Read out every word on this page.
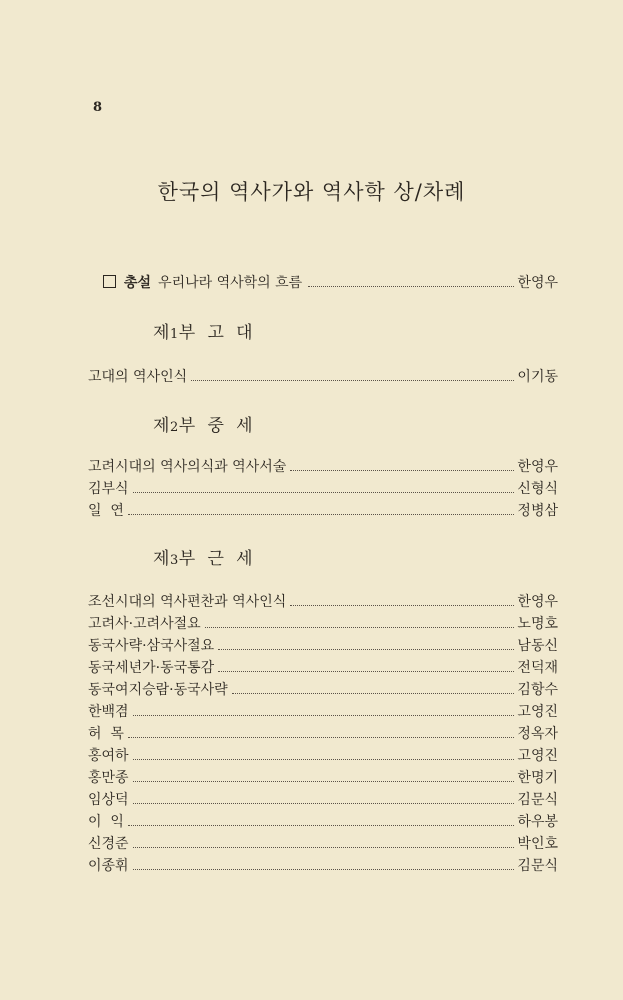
8
한국의 역사가와 역사학 상/차례
총설 우리나라 역사학의 흐름	한영우
제1부  고  대
고대의 역사인식	이기동
제2부  중  세
고려시대의 역사의식과 역사서술	한영우
김부식	신형식
일  연	정병삼
제3부  근  세
조선시대의 역사편찬과 역사인식	한영우
고려사·고려사절요	노명호
동국사략·삼국사절요	남동신
동국세년가·동국통감	전덕재
동국여지승람·동국사략	김항수
한백겸	고영진
허  목	정옥자
홍여하	고영진
홍만종	한명기
임상덕	김문식
이  익	하우봉
신경준	박인호
이종휘	김문식
